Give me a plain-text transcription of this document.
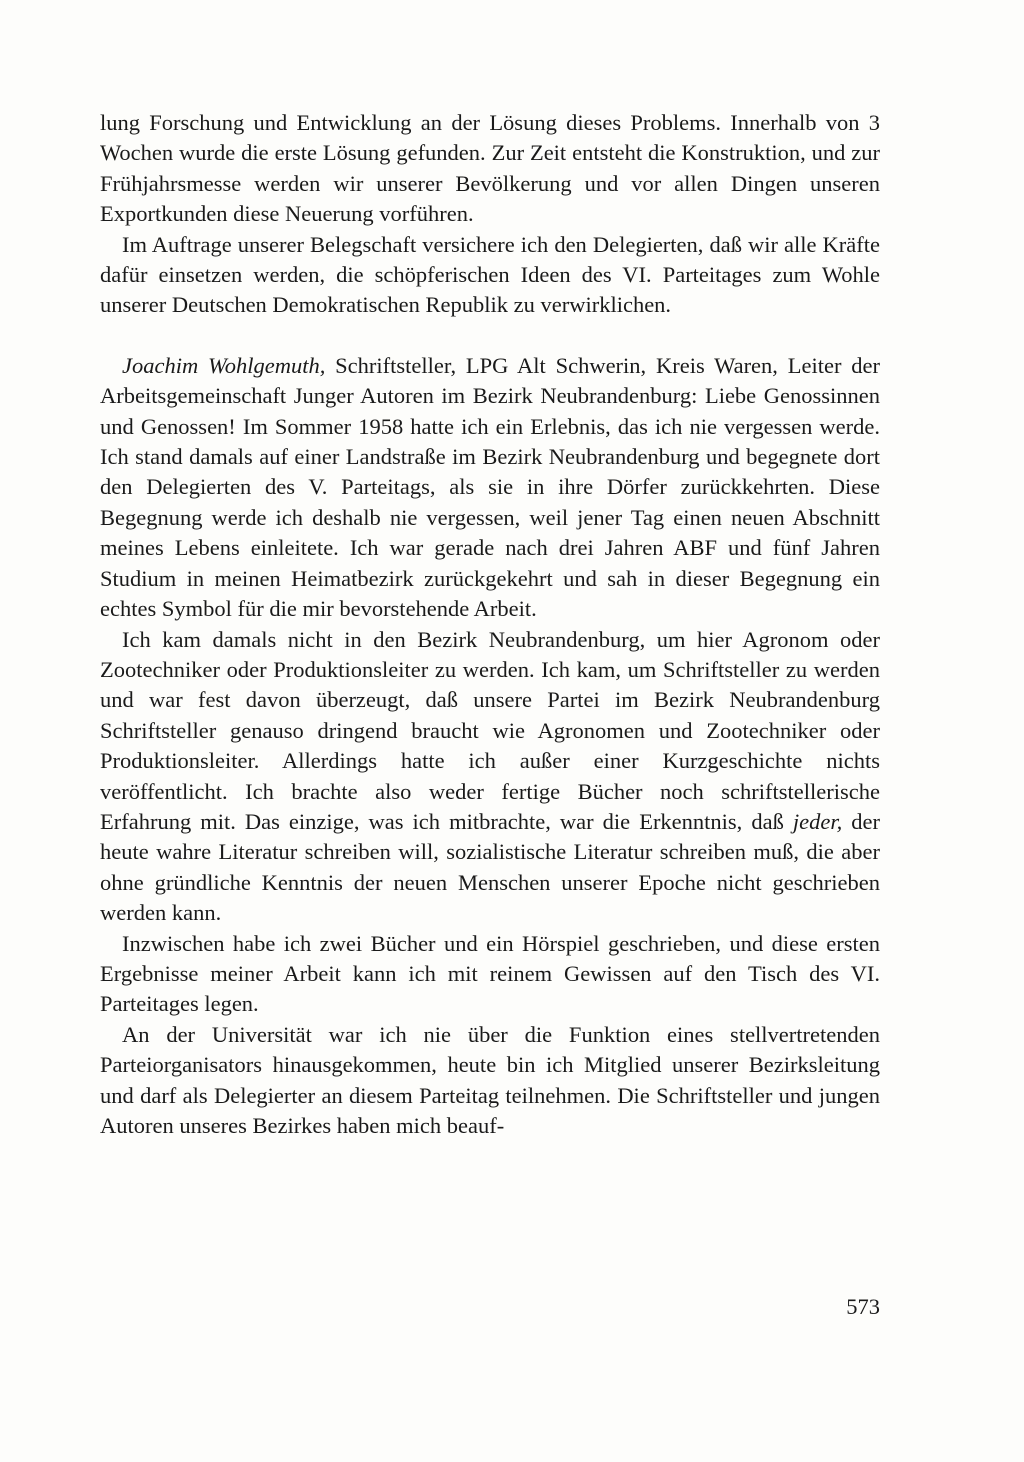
lung Forschung und Entwicklung an der Lösung dieses Problems. Innerhalb von 3 Wochen wurde die erste Lösung gefunden. Zur Zeit entsteht die Konstruktion, und zur Frühjahrsmesse werden wir unserer Bevölkerung und vor allen Dingen unseren Exportkunden diese Neuerung vorführen.

Im Auftrage unserer Belegschaft versichere ich den Delegierten, daß wir alle Kräfte dafür einsetzen werden, die schöpferischen Ideen des VI. Parteitages zum Wohle unserer Deutschen Demokratischen Republik zu verwirklichen.

Joachim Wohlgemuth, Schriftsteller, LPG Alt Schwerin, Kreis Waren, Leiter der Arbeitsgemeinschaft Junger Autoren im Bezirk Neubrandenburg: Liebe Genossinnen und Genossen! Im Sommer 1958 hatte ich ein Erlebnis, das ich nie vergessen werde. Ich stand damals auf einer Landstraße im Bezirk Neubrandenburg und begegnete dort den Delegierten des V. Parteitags, als sie in ihre Dörfer zurückkehrten. Diese Begegnung werde ich deshalb nie vergessen, weil jener Tag einen neuen Abschnitt meines Lebens einleitete. Ich war gerade nach drei Jahren ABF und fünf Jahren Studium in meinen Heimatbezirk zurückgekehrt und sah in dieser Begegnung ein echtes Symbol für die mir bevorstehende Arbeit.

Ich kam damals nicht in den Bezirk Neubrandenburg, um hier Agronom oder Zootechniker oder Produktionsleiter zu werden. Ich kam, um Schriftsteller zu werden und war fest davon überzeugt, daß unsere Partei im Bezirk Neubrandenburg Schriftsteller genauso dringend braucht wie Agronomen und Zootechniker oder Produktionsleiter. Allerdings hatte ich außer einer Kurzgeschichte nichts veröffentlicht. Ich brachte also weder fertige Bücher noch schriftstellerische Erfahrung mit. Das einzige, was ich mitbrachte, war die Erkenntnis, daß jeder, der heute wahre Literatur schreiben will, sozialistische Literatur schreiben muß, die aber ohne gründliche Kenntnis der neuen Menschen unserer Epoche nicht geschrieben werden kann.

Inzwischen habe ich zwei Bücher und ein Hörspiel geschrieben, und diese ersten Ergebnisse meiner Arbeit kann ich mit reinem Gewissen auf den Tisch des VI. Parteitages legen.

An der Universität war ich nie über die Funktion eines stellvertretenden Parteiorganisators hinausgekommen, heute bin ich Mitglied unserer Bezirksleitung und darf als Delegierter an diesem Parteitag teilnehmen. Die Schriftsteller und jungen Autoren unseres Bezirkes haben mich beauf-

573
